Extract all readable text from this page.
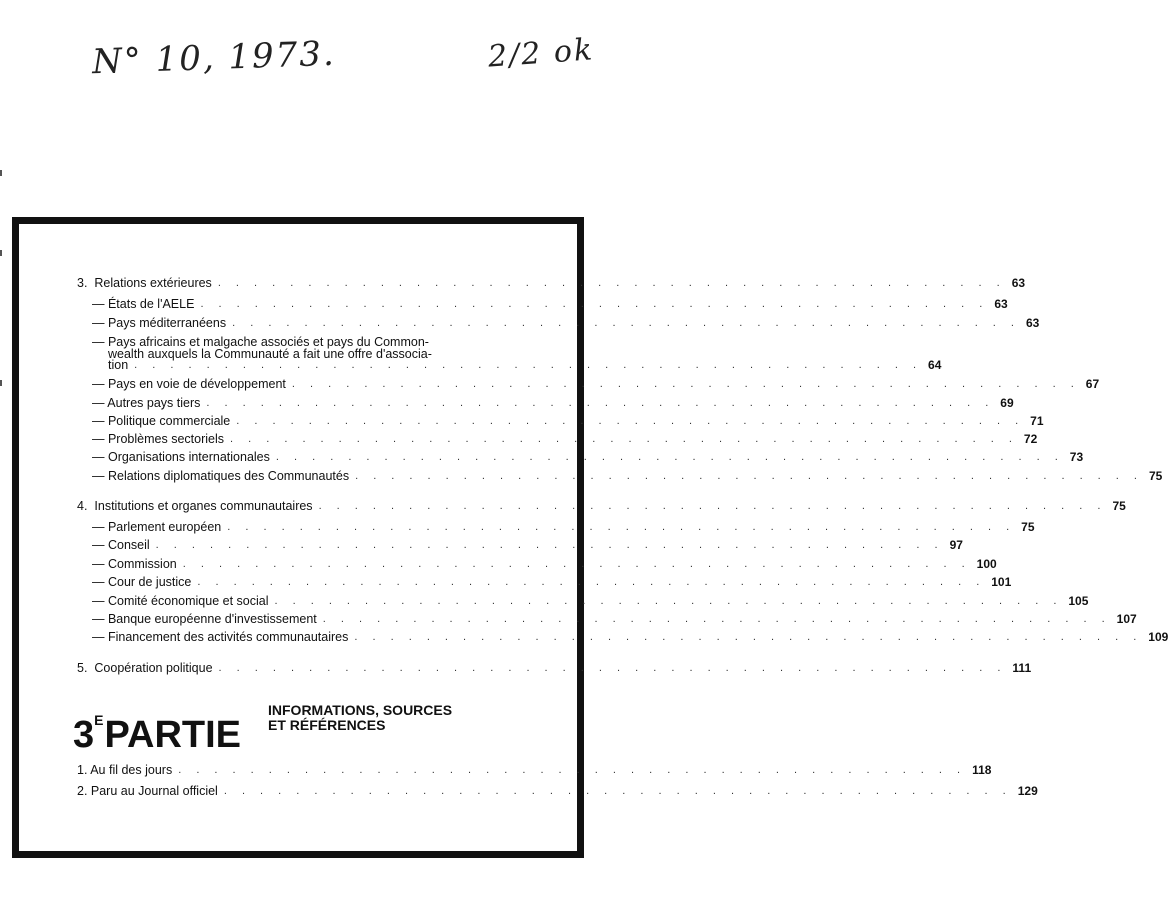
N° 10, 1973.	2/2 ok
3. Relations extérieures . . . . . . . . . . . . . . . . . . . . . . . . . . . . . . . . . . . . . . . . . . . . 63
— États de l'AELE . . . . . . . . . . . . . . . . . . . . . . . . . . . . . . . . . . . . . . . . . . . . 63
— Pays méditerranéens . . . . . . . . . . . . . . . . . . . . . . . . . . . . . . . . . . . . . . . . . . . . 63
— Pays africains et malgache associés et pays du Common-
wealth auxquels la Communauté a fait une offre d'associa-
tion . . . . . . . . . . . . . . . . . . . . . . . . . . . . . . . . . . . . . . . . . . . . 64
— Pays en voie de développement . . . . . . . . . . . . . . . . . . . . . . . . . . . . . . . . . . . . . . . . . . . . 67
— Autres pays tiers . . . . . . . . . . . . . . . . . . . . . . . . . . . . . . . . . . . . . . . . . . . . 69
— Politique commerciale . . . . . . . . . . . . . . . . . . . . . . . . . . . . . . . . . . . . . . . . . . . . 71
— Problèmes sectoriels . . . . . . . . . . . . . . . . . . . . . . . . . . . . . . . . . . . . . . . . . . . . 72
— Organisations internationales . . . . . . . . . . . . . . . . . . . . . . . . . . . . . . . . . . . . . . . . . . . . 73
— Relations diplomatiques des Communautés . . . . . . . . . . . . . . . . . . . . . . . . . . . . . . . . . . . . . . . . . . . . 75
4. Institutions et organes communautaires . . . . . . . . . . . . . . . . . . . . . . . . . . . . . . . . . . . . . . . . . . . . 75
— Parlement européen . . . . . . . . . . . . . . . . . . . . . . . . . . . . . . . . . . . . . . . . . . . . 75
— Conseil . . . . . . . . . . . . . . . . . . . . . . . . . . . . . . . . . . . . . . . . . . . . 97
— Commission . . . . . . . . . . . . . . . . . . . . . . . . . . . . . . . . . . . . . . . . . . . . 100
— Cour de justice . . . . . . . . . . . . . . . . . . . . . . . . . . . . . . . . . . . . . . . . . . . . 101
— Comité économique et social . . . . . . . . . . . . . . . . . . . . . . . . . . . . . . . . . . . . . . . . . . . . 105
— Banque européenne d'investissement . . . . . . . . . . . . . . . . . . . . . . . . . . . . . . . . . . . . . . . . . . . . 107
— Financement des activités communautaires . . . . . . . . . . . . . . . . . . . . . . . . . . . . . . . . . . . . . . . . . . . . 109
5. Coopération politique . . . . . . . . . . . . . . . . . . . . . . . . . . . . . . . . . . . . . . . . . . . . 111
$3^EPARTIE$
INFORMATIONS, SOURCES
ET RÉFÉRENCES
1. Au fil des jours . . . . . . . . . . . . . . . . . . . . . . . . . . . . . . . . . . . . . . . . . . . . 118
2. Paru au Journal officiel . . . . . . . . . . . . . . . . . . . . . . . . . . . . . . . . . . . . . . . . . . . . 129
